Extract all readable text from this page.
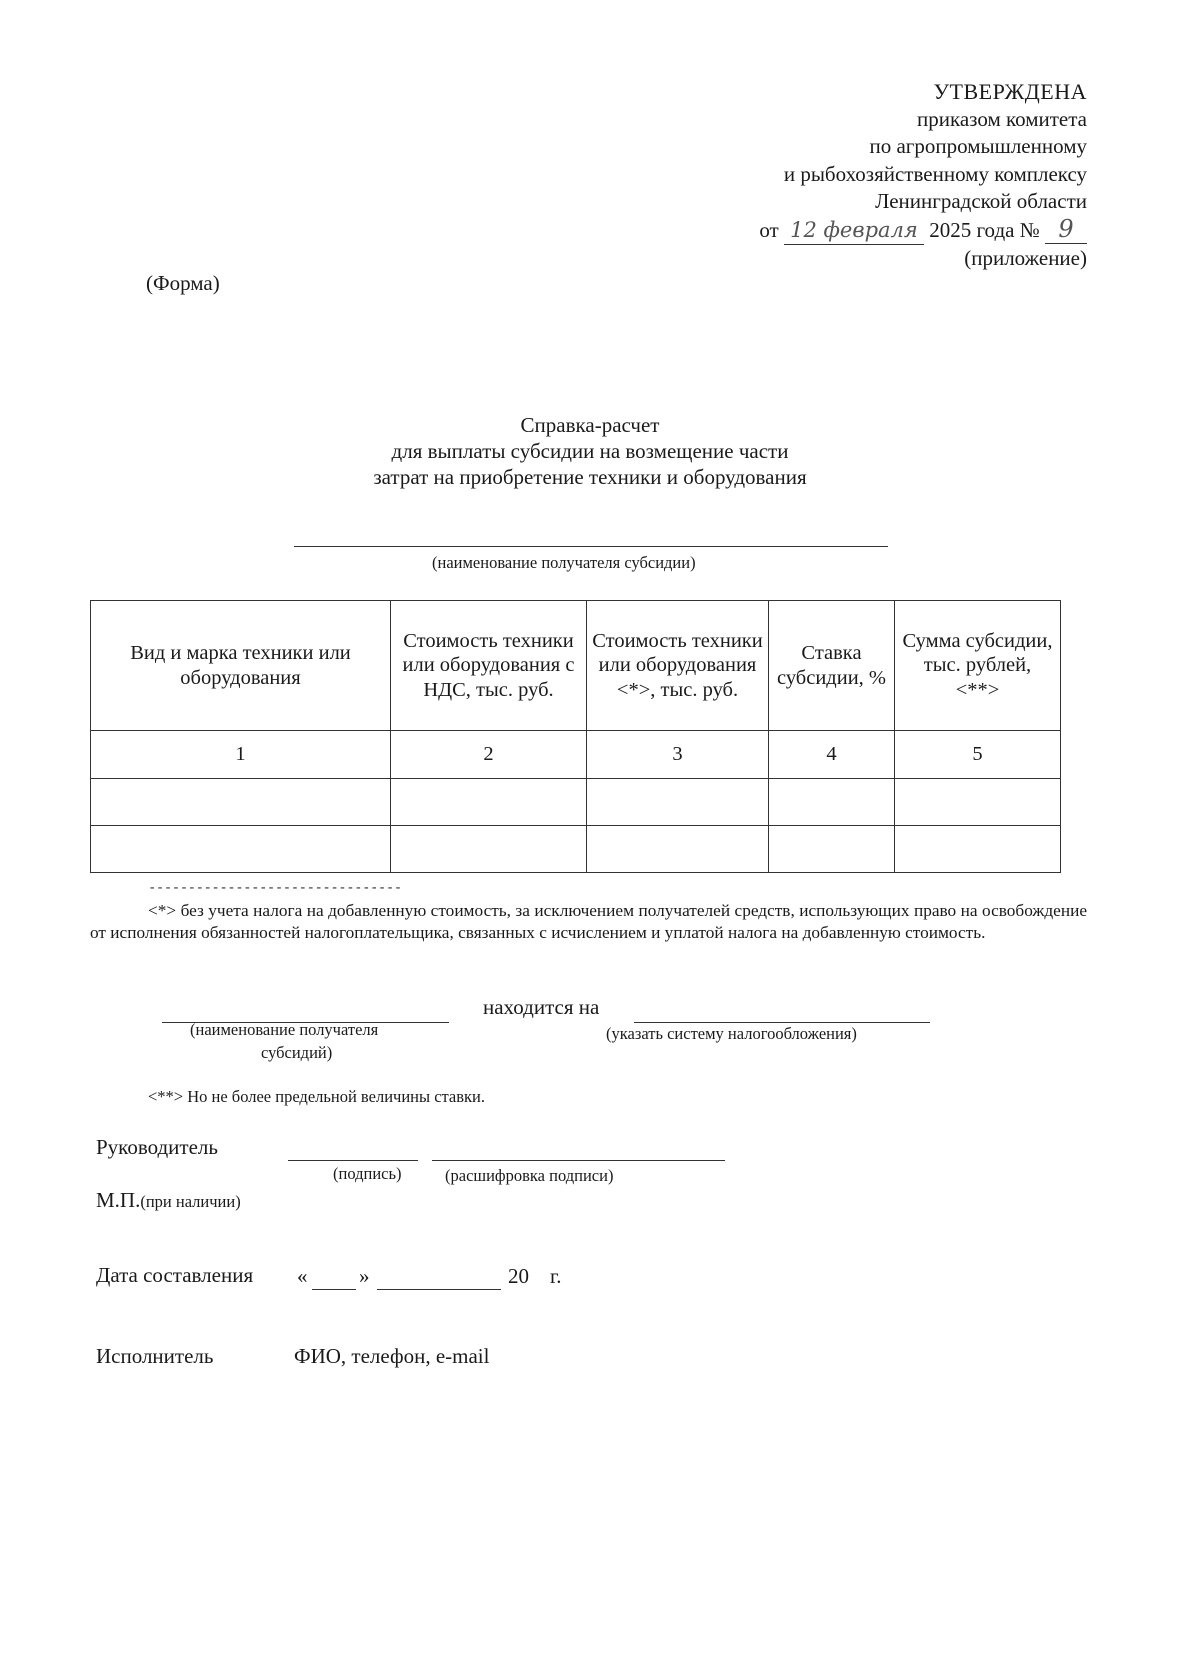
УТВЕРЖДЕНА
приказом комитета
по агропромышленному
и рыбохозяйственному комплексу
Ленинградской области
от 12 февраля 2025 года № 9
(приложение)
(Форма)
Справка-расчет
для выплаты субсидии на возмещение части
затрат на приобретение техники и оборудования
(наименование получателя субсидии)
Вид и марка техники или оборудования	Стоимость техники или оборудования с НДС, тыс. руб.	Стоимость техники или оборудования <*>, тыс. руб.	Ставка субсидии, %	Сумма субсидии, тыс. рублей, <**>
1	2	3	4	5

--------------------------------
<*> без учета налога на добавленную стоимость, за исключением получателей средств, использующих право на освобождение от исполнения обязанностей налогоплательщика, связанных с исчислением и уплатой налога на добавленную стоимость.
находится на
(наименование получателя
субсидий)
(указать систему налогообложения)
<**> Но не более предельной величины ставки.
Руководитель
(подпись)	(расшифровка подписи)
М.П.(при наличии)
Дата составления « »	20 г.
Исполнитель	ФИО, телефон, e-mail
